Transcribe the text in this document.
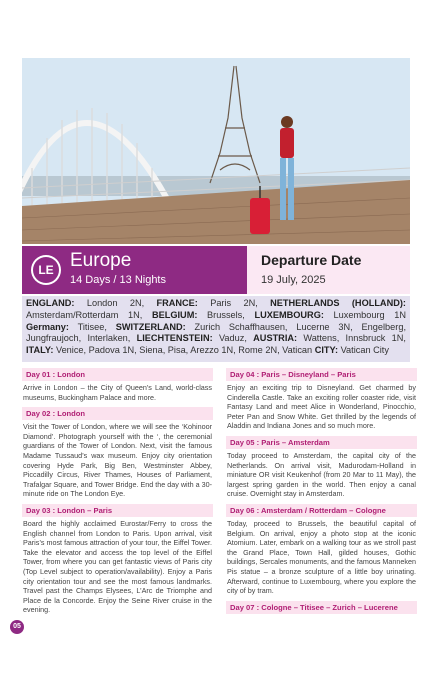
LE Europe
14 Days / 13 Nights
Departure Date
19 July, 2025
ENGLAND: London 2N, FRANCE: Paris 2N, NETHERLANDS (HOLLAND): Amsterdam/Rotterdam 1N, BELGIUM: Brussels, LUXEMBOURG: Luxembourg 1N Germany: Titisee, SWITZERLAND: Zurich Schaffhausen, Lucerne 3N, Engelberg, Jungfraujoch, Interlaken, LIECHTENSTEIN: Vaduz, AUSTRIA: Wattens, Innsbruck 1N, ITALY: Venice, Padova 1N, Siena, Pisa, Arezzo 1N, Rome 2N, Vatican CITY: Vatican City
Day 01 : London
Arrive in London – the City of Queen’s Land, world-class museums, Buckingham Palace and more.
Day 02 : London
Visit the Tower of London, where we will see the ‘Kohinoor Diamond’. Photograph yourself with the ‘, the ceremonial guardians of the Tower of London. Next, visit the famous Madame Tussaud’s wax museum. Enjoy city orientation covering Hyde Park, Big Ben, Westminster Abbey, Piccadilly Circus, River Thames, Houses of Parliament, Trafalgar Square, and Tower Bridge. End the day with a 30-minute ride on The London Eye.
Day 03 : London – Paris
Board the highly acclaimed Eurostar/Ferry to cross the English channel from London to Paris. Upon arrival, visit Paris’s most famous attraction of your tour, the Eiffel Tower. Take the elevator and access the top level of the Eiffel Tower, from where you can get fantastic views of Paris city (Top Level subject to operation/availability). Enjoy a Paris city orientation tour and see the most famous landmarks. Travel past the Champs Elysees, L’Arc de Triomphe and Place de la Concorde. Enjoy the Seine River cruise in the evening.
Day 04 : Paris – Disneyland – Paris
Enjoy an exciting trip to Disneyland. Get charmed by Cinderella Castle. Take an exciting roller coaster ride, visit Fantasy Land and meet Alice in Wonderland, Pinocchio, Peter Pan and Snow White. Get thrilled by the legends of Aladdin and Indiana Jones and so much more.
Day 05 : Paris – Amsterdam
Today proceed to Amsterdam, the capital city of the Netherlands. On arrival visit, Madurodam-Holland in miniature OR visit Keukenhof (from 20 Mar to 11 May), the largest spring garden in the world. Then enjoy a canal cruise. Overnight stay in Amsterdam.
Day 06 : Amsterdam / Rotterdam – Cologne
Today, proceed to Brussels, the beautiful capital of Belgium. On arrival, enjoy a photo stop at the iconic Atomium. Later, embark on a walking tour as we stroll past the Grand Place, Town Hall, gilded houses, Gothic buildings, Sercales monuments, and the famous Manneken Pis statue – a bronze sculpture of a little boy urinating. Afterward, continue to Luxembourg, where you explore the city of by tram.
Day 07 : Cologne – Titisee – Zurich – Lucerene
05
